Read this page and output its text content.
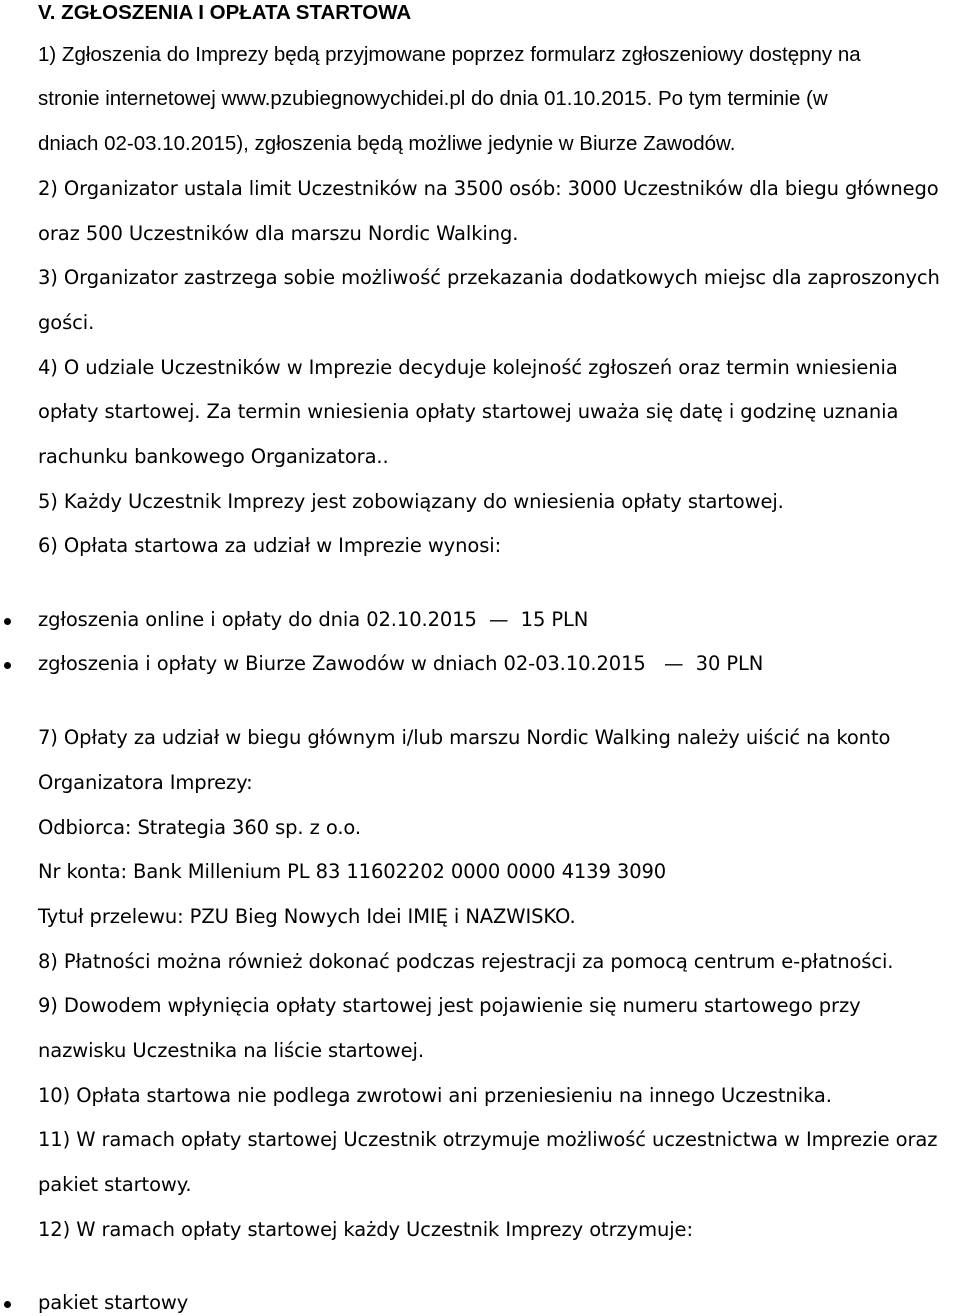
V. ZGŁOSZENIA I OPŁATA STARTOWA
1) Zgłoszenia do Imprezy będą przyjmowane poprzez formularz zgłoszeniowy dostępny na
stronie internetowej www.pzubiegnowychidei.pl do dnia 01.10.2015. Po tym terminie (w
dniach 02-03.10.2015), zgłoszenia będą możliwe jedynie w Biurze Zawodów.
2) Organizator ustala limit Uczestników na 3500 osób: 3000 Uczestników dla biegu głównego
oraz 500 Uczestników dla marszu Nordic Walking.
3) Organizator zastrzega sobie możliwość przekazania dodatkowych miejsc dla zaproszonych
gości.
4) O udziale Uczestników w Imprezie decyduje kolejność zgłoszeń oraz termin wniesienia
opłaty startowej. Za termin wniesienia opłaty startowej uważa się datę i godzinę uznania
rachunku bankowego Organizatora..
5) Każdy Uczestnik Imprezy jest zobowiązany do wniesienia opłaty startowej.
6) Opłata startowa za udział w Imprezie wynosi:
zgłoszenia online i opłaty do dnia 02.10.2015  —  15 PLN
zgłoszenia i opłaty w Biurze Zawodów w dniach 02-03.10.2015   —  30 PLN
7) Opłaty za udział w biegu głównym i/lub marszu Nordic Walking należy uiścić na konto
Organizatora Imprezy:
Odbiorca: Strategia 360 sp. z o.o.
Nr konta: Bank Millenium PL 83 11602202 0000 0000 4139 3090
Tytuł przelewu: PZU Bieg Nowych Idei IMIĘ i NAZWISKO.
8) Płatności można również dokonać podczas rejestracji za pomocą centrum e-płatności.
9) Dowodem wpłynięcia opłaty startowej jest pojawienie się numeru startowego przy
nazwisku Uczestnika na liście startowej.
10) Opłata startowa nie podlega zwrotowi ani przeniesieniu na innego Uczestnika.
11) W ramach opłaty startowej Uczestnik otrzymuje możliwość uczestnictwa w Imprezie oraz
pakiet startowy.
12) W ramach opłaty startowej każdy Uczestnik Imprezy otrzymuje:
pakiet startowy
